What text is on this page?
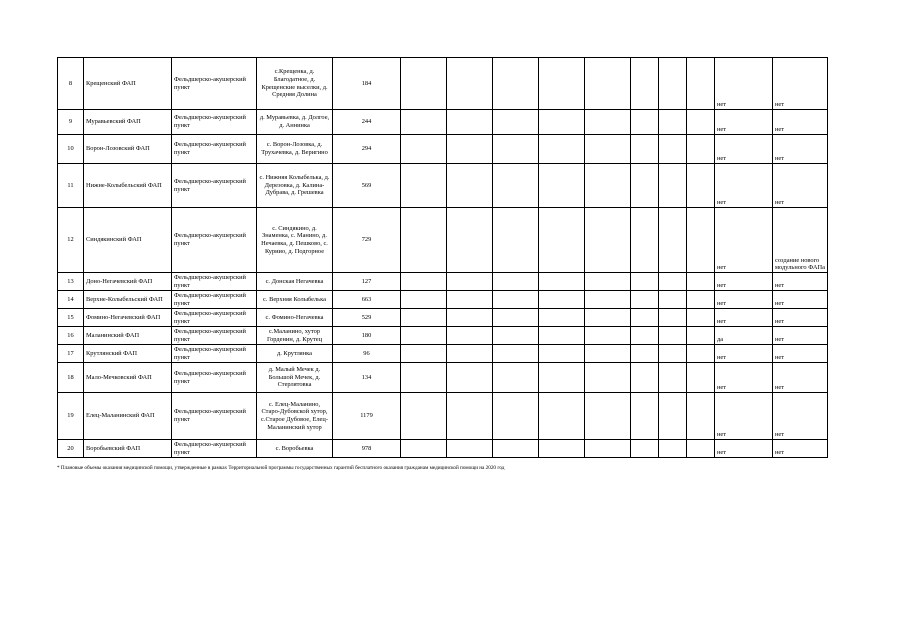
8	Крещенский ФАП	Фельдшерско-акушерский пункт	с.Крещенка, д. Благодатное, д. Крещенские выселки, д. Средняя Долина	184									нет	нет
9	Муравьевский ФАП	Фельдшерско-акушерский пункт	д. Муравьевка, д. Долгое, д. Аннинка	244									нет	нет
10	Ворон-Лозовский ФАП	Фельдшерско-акушерский пункт	с. Ворон-Лозовка, д. Трухачевка, д. Веригино	294									нет	нет
11	Нижне-Колыбельский ФАП	Фельдшерско-акушерский пункт	с. Нижняя Колыбелька, д. Дерезовка, д. Калина-Дубрава, д. Грешевка	569									нет	нет
12	Синдякинский ФАП	Фельдшерско-акушерский пункт	с. Синдякино, д. Знаменка, с. Манино, д. Нечаевка, д. Пешково, с. Куриио, д. Подгорное	729									нет	создание нового модульного ФАПа
13	Донo-Негачевский ФАП	Фельдшерско-акушерский пункт	с. Донская Негачевка	127									нет	нет
14	Верхне-Колыбельский ФАП	Фельдшерско-акушерский пункт	с. Верхняя Колыбелька	663									нет	нет
15	Фомино-Негачевский ФАП	Фельдшерско-акушерский пункт	с. Фомино-Негачевка	529									нет	нет
16	Маланинский ФАП	Фельдшерско-акушерский пункт	с.Маланино, хутор Горденин, д. Крутец	180									да	нет
17	Крутлянский ФАП	Фельдшерско-акушерский пункт	д. Крутлянка	96									нет	нет
18	Мало-Мечковский ФАП	Фельдшерско-акушерский пункт	д. Малый Мечек д. Большой Мечек, д. Стерлятовка	134									нет	нет
19	Елец-Маланинский ФАП	Фельдшерско-акушерский пункт	с. Елец-Маланино, Старо-Дубовской хутор, с.Старое Дубовое, Елец-Маланинский хутор	1179									нет	нет
20	Воробьевский ФАП	Фельдшерско-акушерский пункт	с. Воробьевка	978									нет	нет
* Плановые объемы оказания медицинской помощи, утвержденные в рамках Территориальной программы государственных гарантий бесплатного оказания гражданам медицинской помощи на 2020 год
